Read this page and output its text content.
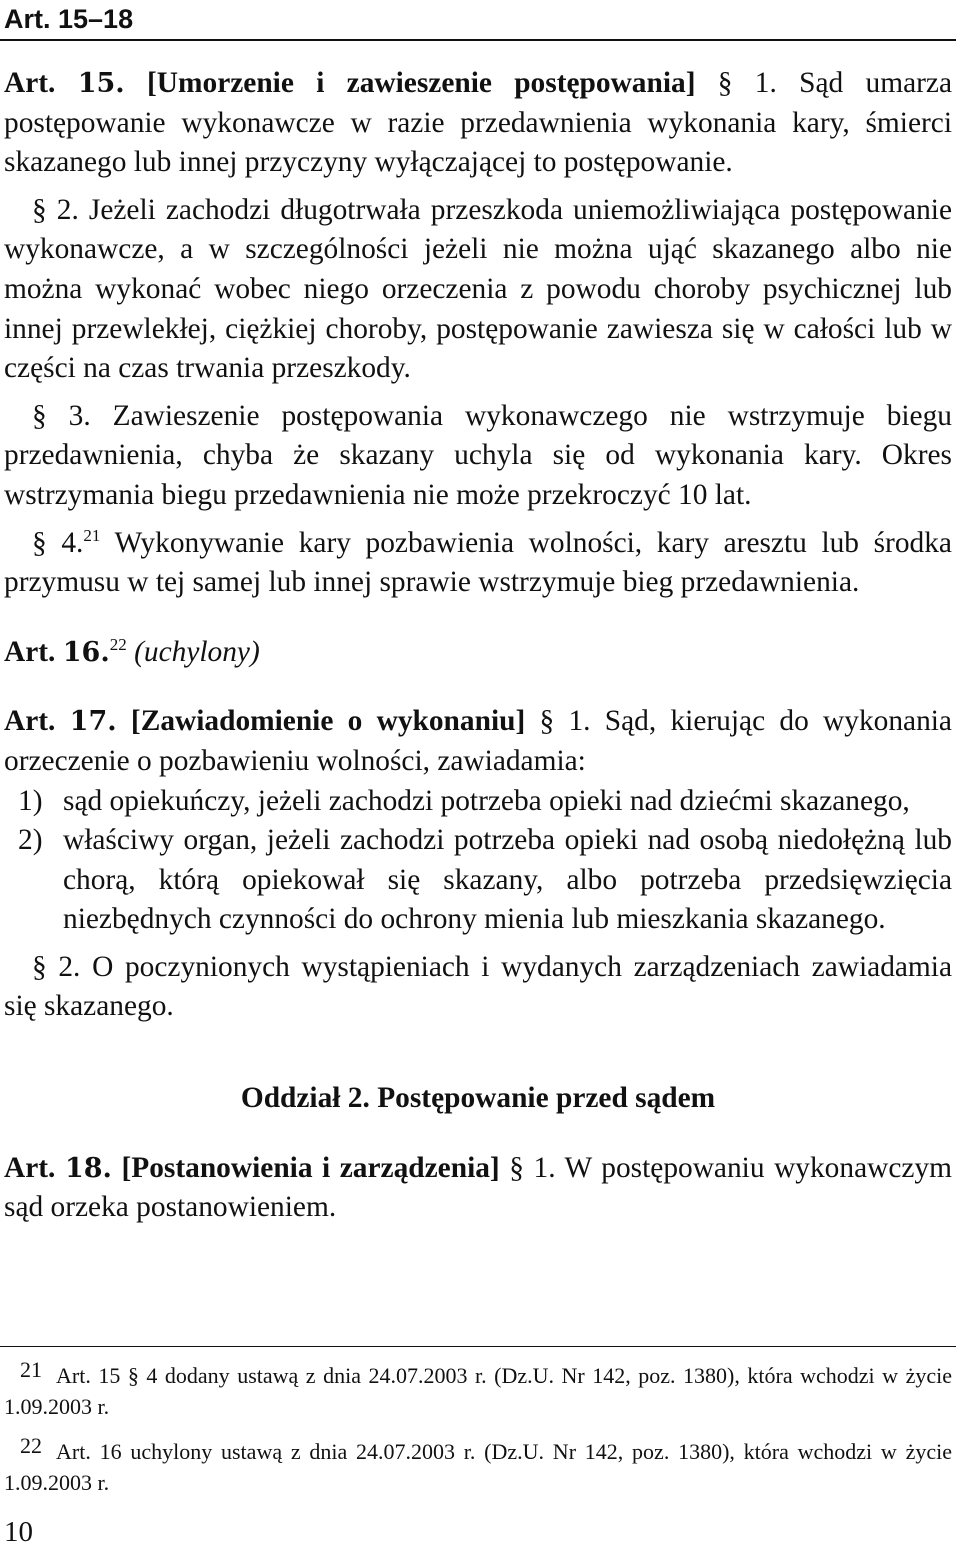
Art. 15–18

Art. 15. [Umorzenie i zawieszenie postępowania] § 1. Sąd umarza postępowanie wykonawcze w razie przedawnienia wykonania kary, śmierci skazanego lub innej przyczyny wyłączającej to postępowanie.

§ 2. Jeżeli zachodzi długotrwała przeszkoda uniemożliwiająca postępowanie wykonawcze, a w szczególności jeżeli nie można ująć skazanego albo nie można wykonać wobec niego orzeczenia z powodu choroby psychicznej lub innej przewlekłej, ciężkiej choroby, postępowanie zawiesza się w całości lub w części na czas trwania przeszkody.

§ 3. Zawieszenie postępowania wykonawczego nie wstrzymuje biegu przedawnienia, chyba że skazany uchyla się od wykonania kary. Okres wstrzymania biegu przedawnienia nie może przekroczyć 10 lat.

§ 4.21 Wykonywanie kary pozbawienia wolności, kary aresztu lub środka przymusu w tej samej lub innej sprawie wstrzymuje bieg przedawnienia.

Art. 16.22 (uchylony)

Art. 17. [Zawiadomienie o wykonaniu] § 1. Sąd, kierując do wykonania orzeczenie o pozbawieniu wolności, zawiadamia:

1) sąd opiekuńczy, jeżeli zachodzi potrzeba opieki nad dziećmi skazanego,
2) właściwy organ, jeżeli zachodzi potrzeba opieki nad osobą niedołężną lub chorą, którą opiekował się skazany, albo potrzeba przedsięwzięcia niezbędnych czynności do ochrony mienia lub mieszkania skazanego.

§ 2. O poczynionych wystąpieniach i wydanych zarządzeniach zawiadamia się skazanego.

Oddział 2. Postępowanie przed sądem

Art. 18. [Postanowienia i zarządzenia] § 1. W postępowaniu wykonawczym sąd orzeka postanowieniem.

21 Art. 15 § 4 dodany ustawą z dnia 24.07.2003 r. (Dz.U. Nr 142, poz. 1380), która wchodzi w życie 1.09.2003 r.

22 Art. 16 uchylony ustawą z dnia 24.07.2003 r. (Dz.U. Nr 142, poz. 1380), która wchodzi w życie 1.09.2003 r.

10
